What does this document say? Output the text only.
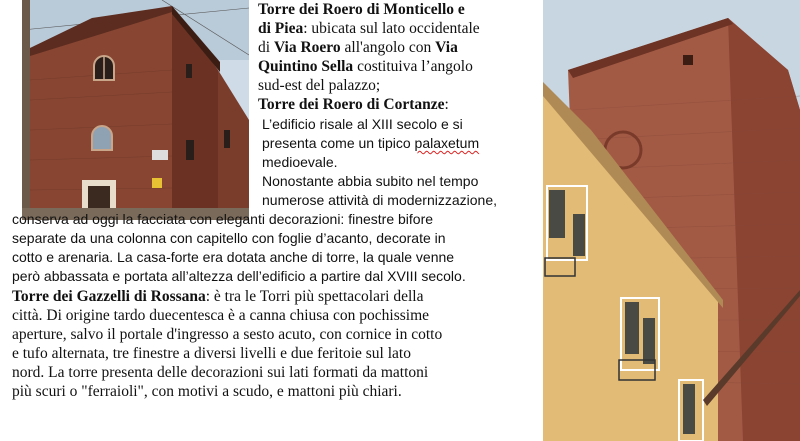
Torre dei Roero di Monticello e
di Piea: ubicata sul lato occidentale
di Via Roero all'angolo con Via
Quintino Sella costituiva l’angolo
sud-est del palazzo;
Torre dei Roero di Cortanze:
L’edificio risale al XIII secolo e si
presenta come un tipico palaxetum
medioevale.
Nonostante abbia subito nel tempo
numerose attività di modernizzazione,
conserva ad oggi la facciata con eleganti decorazioni: finestre bifore
separate da una colonna con capitello con foglie d’acanto, decorate in
cotto e arenaria. La casa-forte era dotata anche di torre, la quale venne
però abbassata e portata all’altezza dell’edificio a partire dal XVIII secolo.
Torre dei Gazzelli di Rossana: è tra le Torri più spettacolari della
città. Di origine tardo duecentesca è a canna chiusa con pochissime
aperture, salvo il portale d'ingresso a sesto acuto, con cornice in cotto
e tufo alternata, tre finestre a diversi livelli e due feritoie sul lato
nord. La torre presenta delle decorazioni sui lati formati da mattoni
più scuri o "ferraioli", con motivi a scudo, e mattoni più chiari.
